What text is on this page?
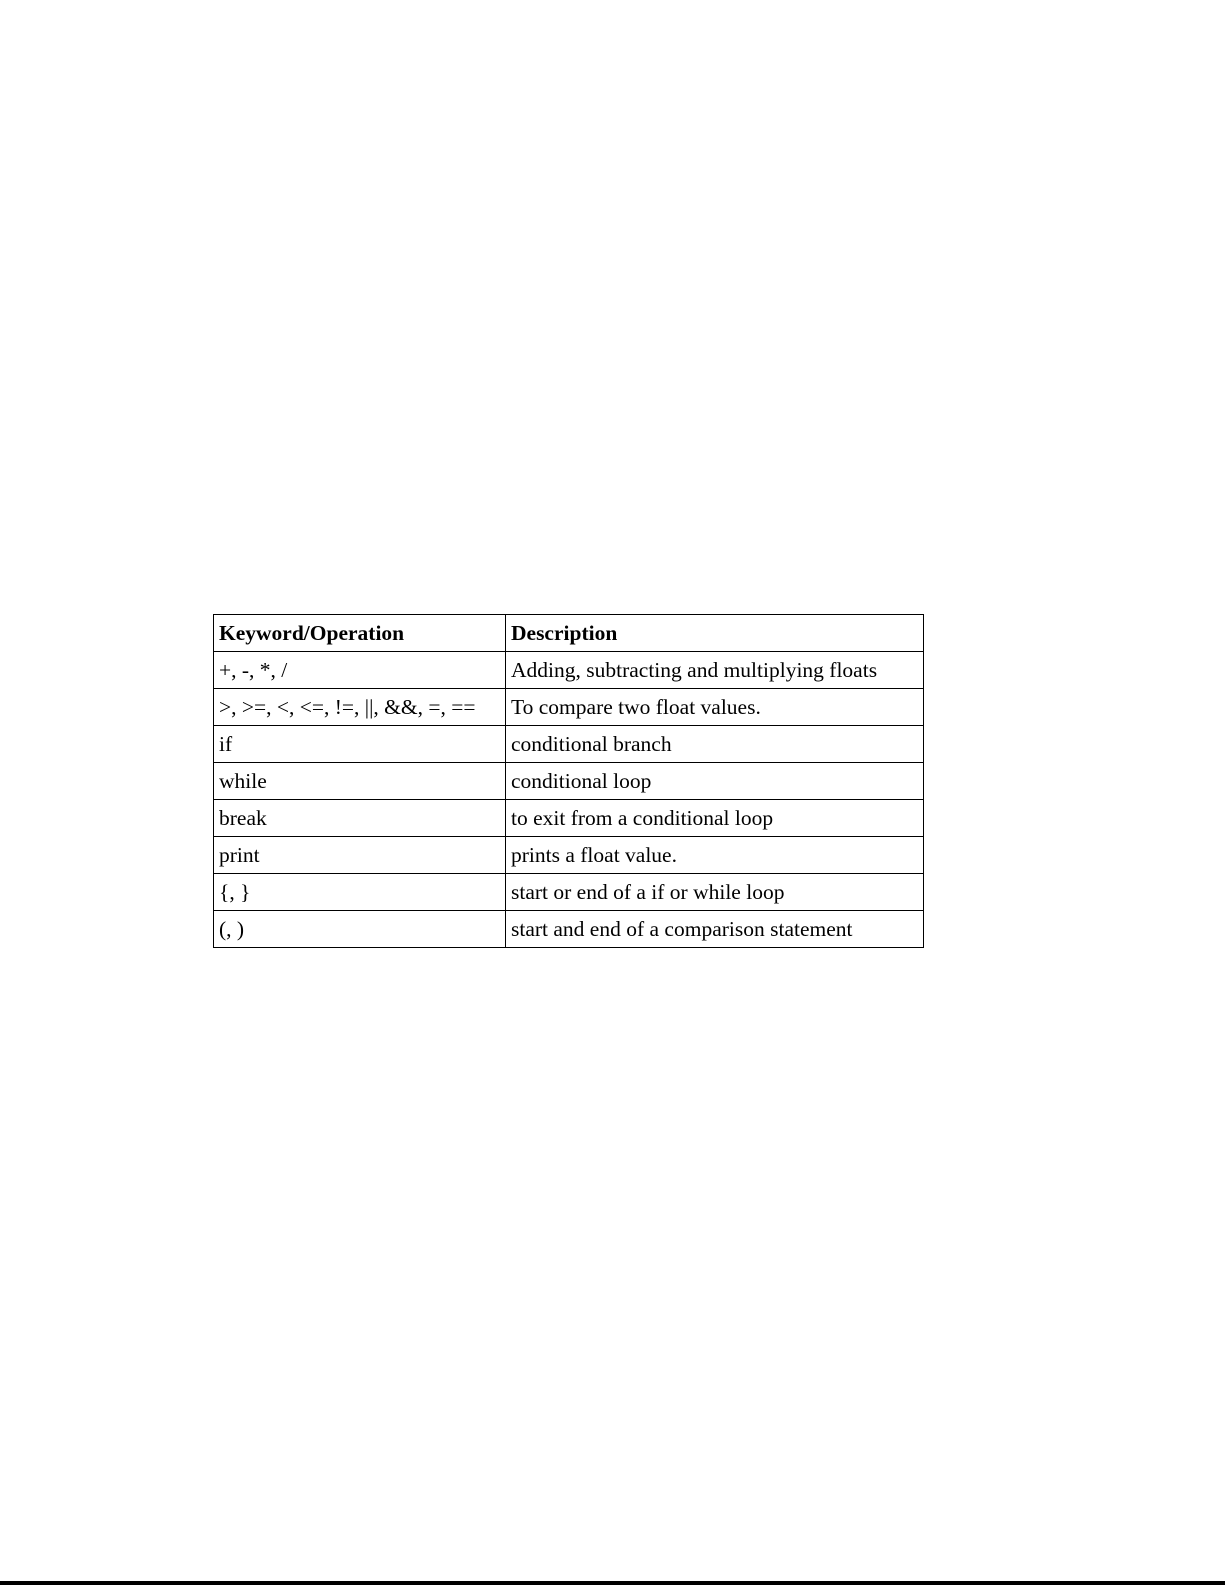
Keyword/Operation	Description
+, -, *, /	Adding, subtracting and multiplying floats
>, >=, <, <=, !=, ||, &&, =, ==	To compare two float values.
if	conditional branch
while	conditional loop
break	to exit from a conditional loop
print	prints a float value.
{, }	start or end of a if or while loop
(, )	start and end of a comparison statement
